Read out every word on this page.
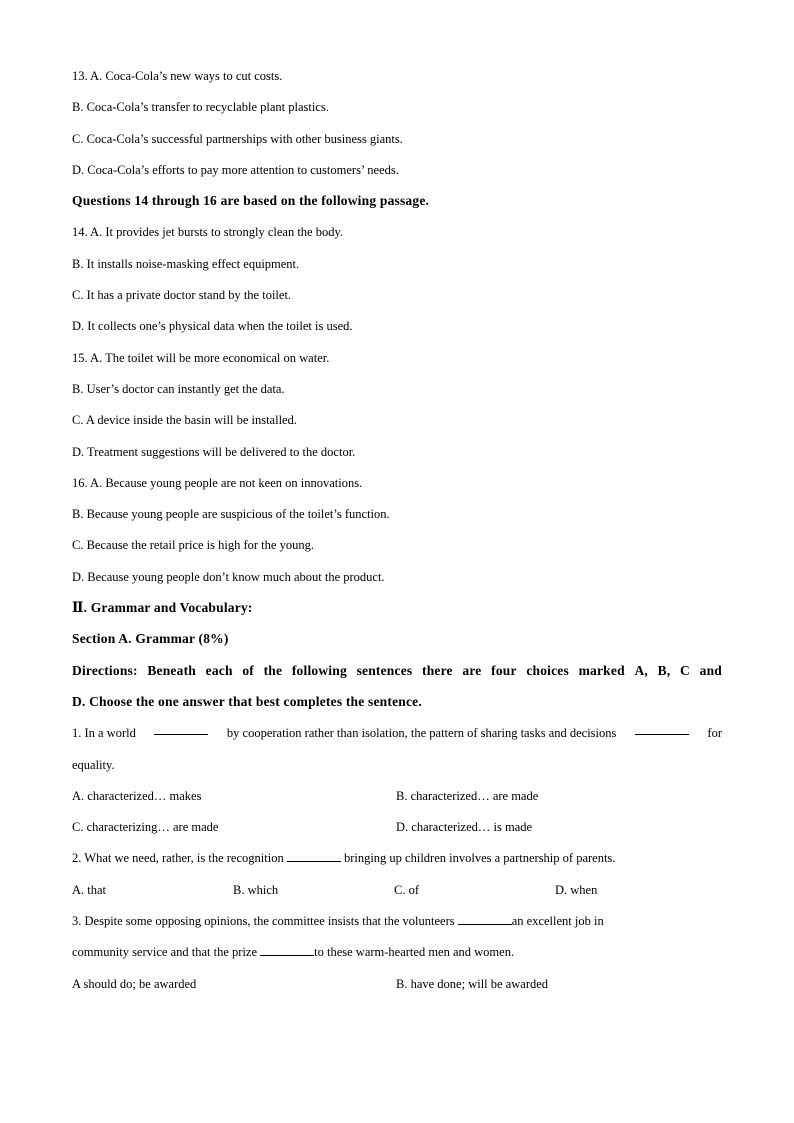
13. A. Coca-Cola’s new ways to cut costs.
B. Coca-Cola’s transfer to recyclable plant plastics.
C. Coca-Cola’s successful partnerships with other business giants.
D. Coca-Cola’s efforts to pay more attention to customers’ needs.
Questions 14 through 16 are based on the following passage.
14. A. It provides jet bursts to strongly clean the body.
B. It installs noise-masking effect equipment.
C. It has a private doctor stand by the toilet.
D. It collects one’s physical data when the toilet is used.
15. A. The toilet will be more economical on water.
B. User’s doctor can instantly get the data.
C. A device inside the basin will be installed.
D. Treatment suggestions will be delivered to the doctor.
16. A. Because young people are not keen on innovations.
B. Because young people are suspicious of the toilet’s function.
C. Because the retail price is high for the young.
D. Because young people don’t know much about the product.
Ⅱ. Grammar and Vocabulary:
Section A. Grammar (8%)
Directions: Beneath each of the following sentences there are four choices marked A, B, C and
D. Choose the one answer that best completes the sentence.
1. In a world	by cooperation rather than isolation, the pattern of sharing tasks and decisions	for
equality.
A. characterized… makes	B. characterized… are made
C. characterizing… are made	D. characterized… is made
2. What we need, rather, is the recognition	bringing up children involves a partnership of parents.
A. that	B. which	C. of	D. when
3. Despite some opposing opinions, the committee insists that the volunteers	an excellent job in
community service and that the prize	to these warm-hearted men and women.
A should do; be awarded	B. have done; will be awarded
